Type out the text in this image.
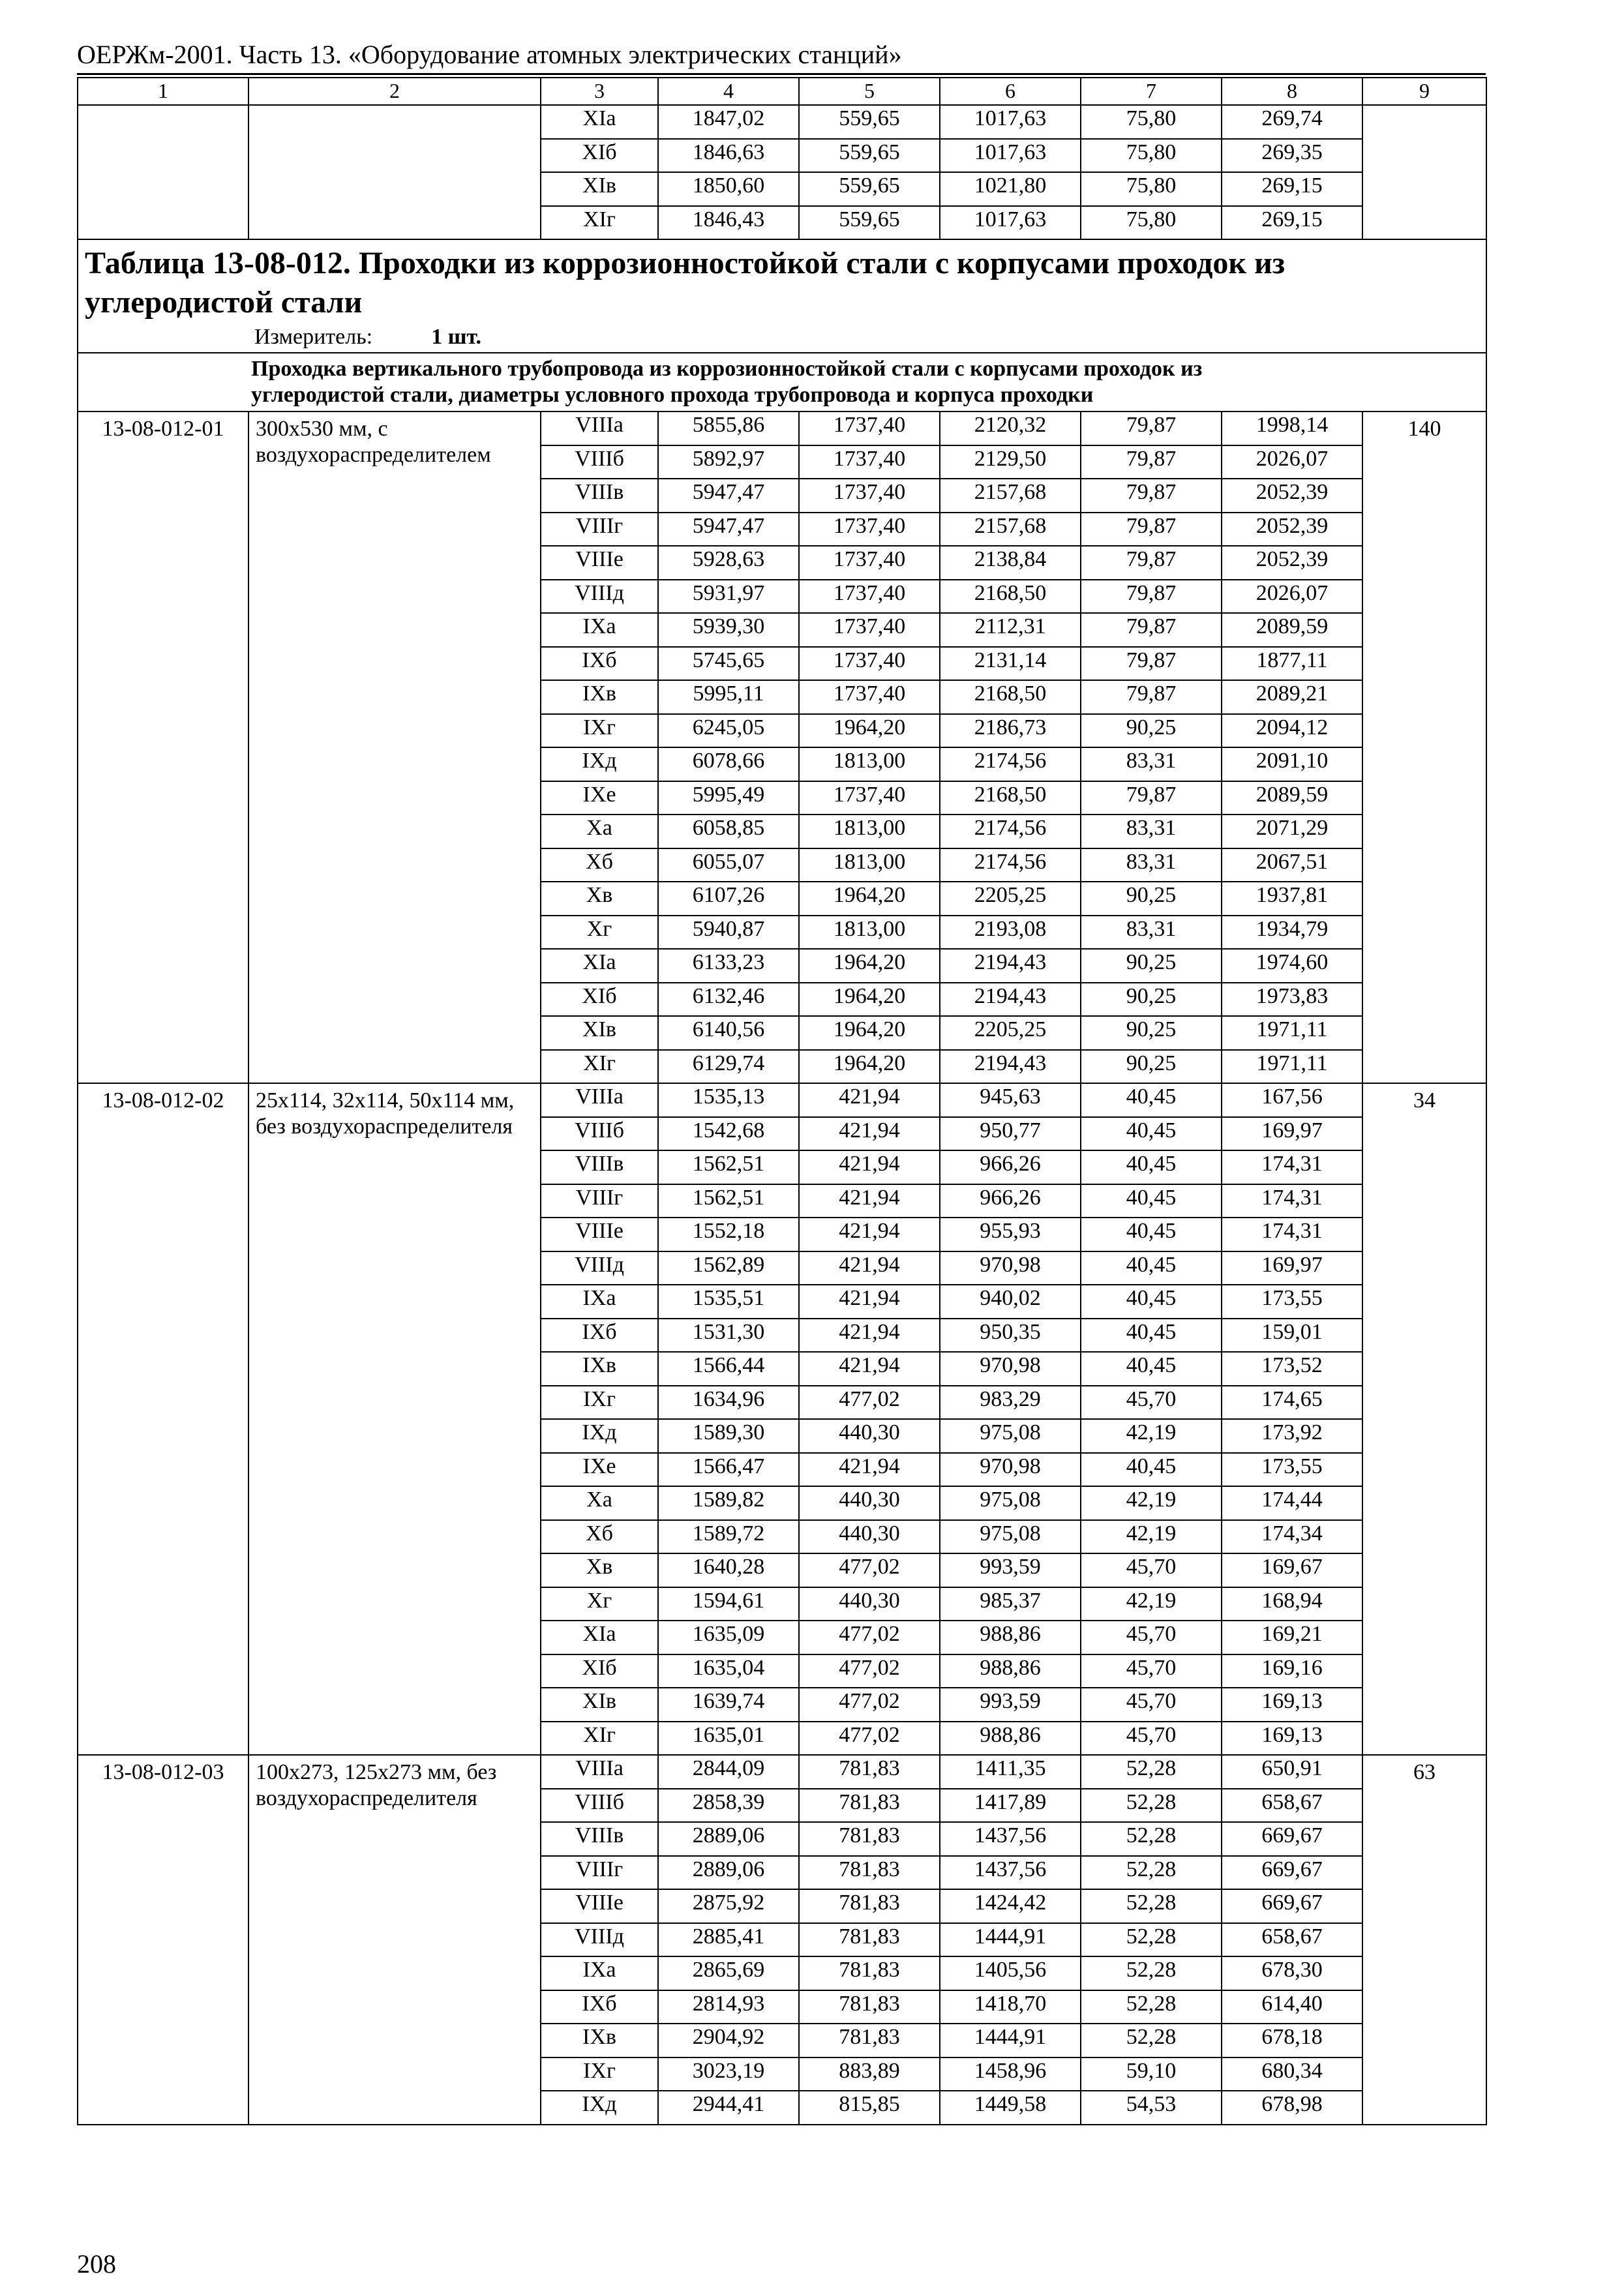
ОЕРЖм-2001. Часть 13. «Оборудование атомных электрических станций»
1	2	3	4	5	6	7	8	9
		XIа	1847,02	559,65	1017,63	75,80	269,74	
		XIб	1846,63	559,65	1017,63	75,80	269,35	
		XIв	1850,60	559,65	1021,80	75,80	269,15	
		XIг	1846,43	559,65	1017,63	75,80	269,15	

Таблица 13-08-012. Проходки из коррозионностойкой стали с корпусами проходок из
углеродистой стали
Измеритель: 1 шт.								

Проходка вертикального трубопровода из коррозионностойкой стали с корпусами проходок из
углеродистой стали, диаметры условного прохода трубопровода и корпуса проходки								

13-08-012-01	300х530 мм, с воздухораспределителем	VIIIа	5855,86	1737,40	2120,32	79,87	1998,14	140
		VIIIб	5892,97	1737,40	2129,50	79,87	2026,07	
		VIIIв	5947,47	1737,40	2157,68	79,87	2052,39	
		VIIIг	5947,47	1737,40	2157,68	79,87	2052,39	
		VIIIе	5928,63	1737,40	2138,84	79,87	2052,39	
		VIIIд	5931,97	1737,40	2168,50	79,87	2026,07	
		IXа	5939,30	1737,40	2112,31	79,87	2089,59	
		IXб	5745,65	1737,40	2131,14	79,87	1877,11	
		IXв	5995,11	1737,40	2168,50	79,87	2089,21	
		IXг	6245,05	1964,20	2186,73	90,25	2094,12	
		IXд	6078,66	1813,00	2174,56	83,31	2091,10	
		IXе	5995,49	1737,40	2168,50	79,87	2089,59	
		Xа	6058,85	1813,00	2174,56	83,31	2071,29	
		Xб	6055,07	1813,00	2174,56	83,31	2067,51	
		Xв	6107,26	1964,20	2205,25	90,25	1937,81	
		Xг	5940,87	1813,00	2193,08	83,31	1934,79	
		XIа	6133,23	1964,20	2194,43	90,25	1974,60	
		XIб	6132,46	1964,20	2194,43	90,25	1973,83	
		XIв	6140,56	1964,20	2205,25	90,25	1971,11	
		XIг	6129,74	1964,20	2194,43	90,25	1971,11	
13-08-012-02	25х114, 32х114, 50х114 мм, без воздухораспределителя	VIIIа	1535,13	421,94	945,63	40,45	167,56	34
		VIIIб	1542,68	421,94	950,77	40,45	169,97	
		VIIIв	1562,51	421,94	966,26	40,45	174,31	
		VIIIг	1562,51	421,94	966,26	40,45	174,31	
		VIIIе	1552,18	421,94	955,93	40,45	174,31	
		VIIIд	1562,89	421,94	970,98	40,45	169,97	
		IXа	1535,51	421,94	940,02	40,45	173,55	
		IXб	1531,30	421,94	950,35	40,45	159,01	
		IXв	1566,44	421,94	970,98	40,45	173,52	
		IXг	1634,96	477,02	983,29	45,70	174,65	
		IXд	1589,30	440,30	975,08	42,19	173,92	
		IXе	1566,47	421,94	970,98	40,45	173,55	
		Xа	1589,82	440,30	975,08	42,19	174,44	
		Xб	1589,72	440,30	975,08	42,19	174,34	
		Xв	1640,28	477,02	993,59	45,70	169,67	
		Xг	1594,61	440,30	985,37	42,19	168,94	
		XIа	1635,09	477,02	988,86	45,70	169,21	
		XIб	1635,04	477,02	988,86	45,70	169,16	
		XIв	1639,74	477,02	993,59	45,70	169,13	
		XIг	1635,01	477,02	988,86	45,70	169,13	
13-08-012-03	100х273, 125х273 мм, без воздухораспределителя	VIIIа	2844,09	781,83	1411,35	52,28	650,91	63
		VIIIб	2858,39	781,83	1417,89	52,28	658,67	
		VIIIв	2889,06	781,83	1437,56	52,28	669,67	
		VIIIг	2889,06	781,83	1437,56	52,28	669,67	
		VIIIе	2875,92	781,83	1424,42	52,28	669,67	
		VIIIд	2885,41	781,83	1444,91	52,28	658,67	
		IXа	2865,69	781,83	1405,56	52,28	678,30	
		IXб	2814,93	781,83	1418,70	52,28	614,40	
		IXв	2904,92	781,83	1444,91	52,28	678,18	
		IXг	3023,19	883,89	1458,96	59,10	680,34	
		IXд	2944,41	815,85	1449,58	54,53	678,98	
208
